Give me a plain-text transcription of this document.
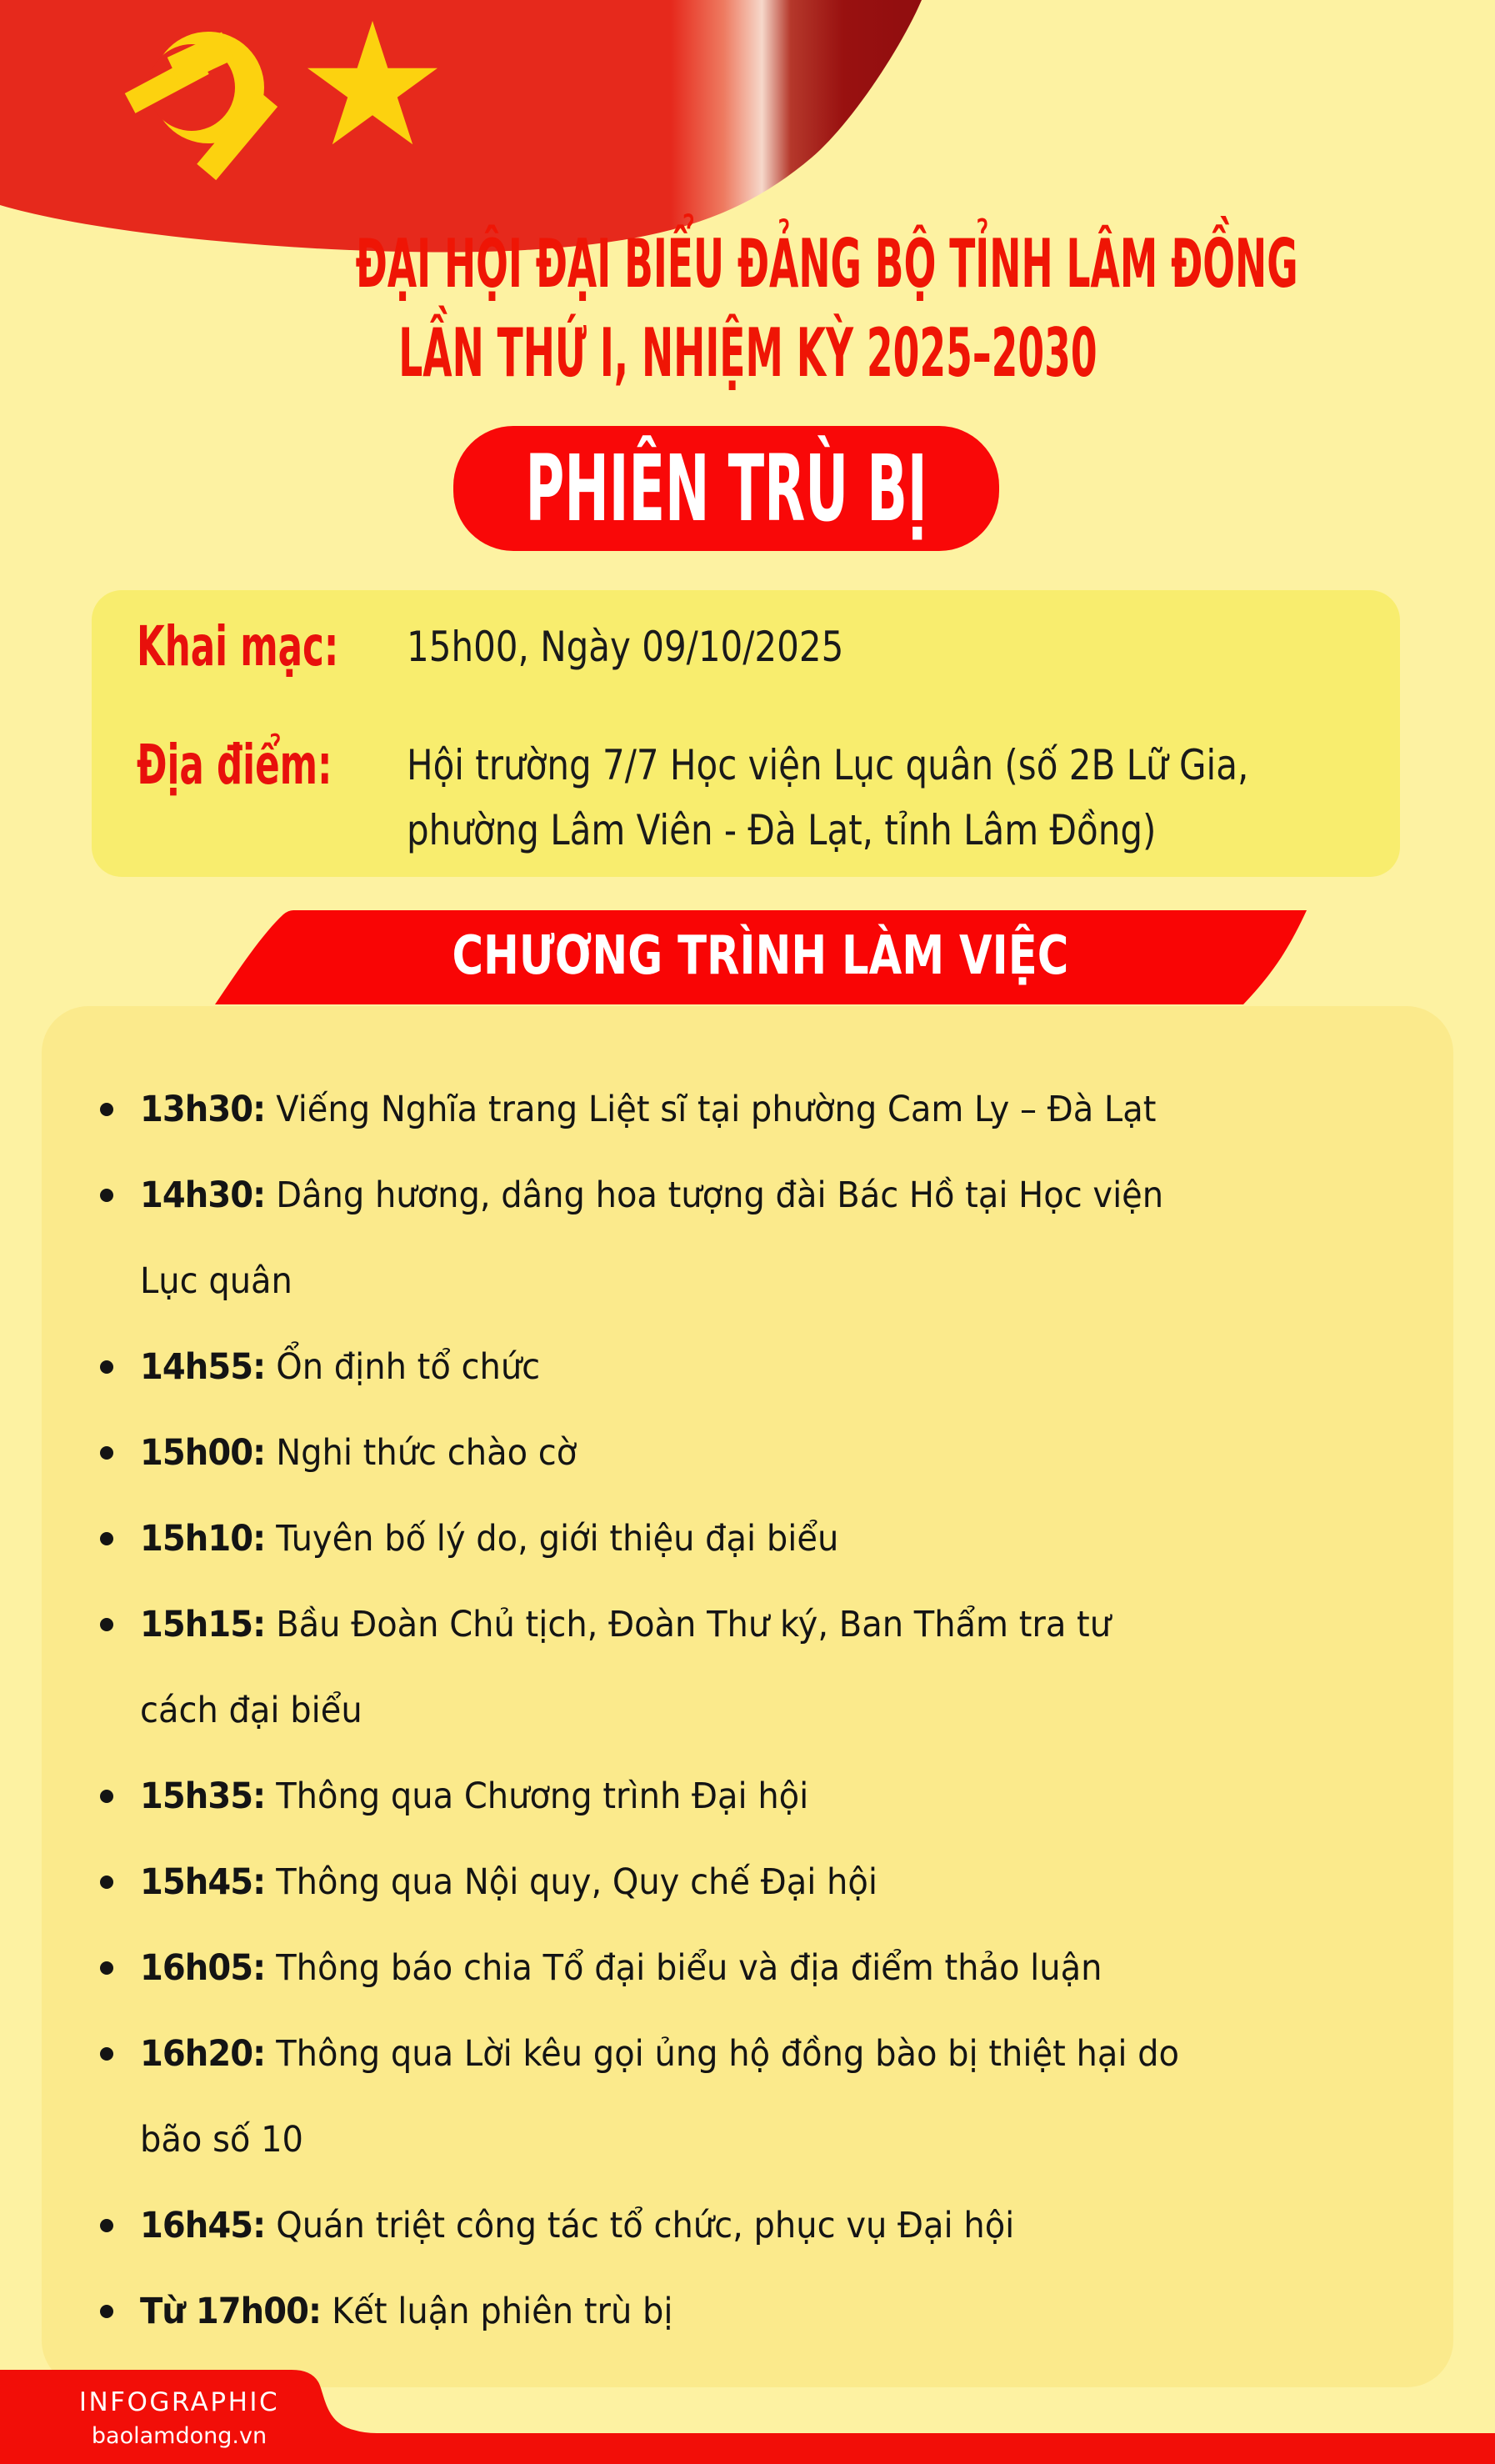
ĐẠI HỘI ĐẠI BIỂU ĐẢNG BỘ TỈNH LÂM ĐỒNG
LẦN THỨ I, NHIỆM KỲ 2025–2030
PHIÊN TRÙ BỊ
Khai mạc: 15h00, Ngày 09/10/2025
Địa điểm: Hội trường 7/7 Học viện Lục quân (số 2B Lữ Gia,
phường Lâm Viên - Đà Lạt, tỉnh Lâm Đồng)
CHƯƠNG TRÌNH LÀM VIỆC
13h30: Viếng Nghĩa trang Liệt sĩ tại phường Cam Ly – Đà Lạt
14h30: Dâng hương, dâng hoa tượng đài Bác Hồ tại Học viện
Lục quân
14h55: Ổn định tổ chức
15h00: Nghi thức chào cờ
15h10: Tuyên bố lý do, giới thiệu đại biểu
15h15: Bầu Đoàn Chủ tịch, Đoàn Thư ký, Ban Thẩm tra tư
cách đại biểu
15h35: Thông qua Chương trình Đại hội
15h45: Thông qua Nội quy, Quy chế Đại hội
16h05: Thông báo chia Tổ đại biểu và địa điểm thảo luận
16h20: Thông qua Lời kêu gọi ủng hộ đồng bào bị thiệt hại do
bão số 10
16h45: Quán triệt công tác tổ chức, phục vụ Đại hội
Từ 17h00: Kết luận phiên trù bị
INFOGRAPHIC
baolamdong.vn
